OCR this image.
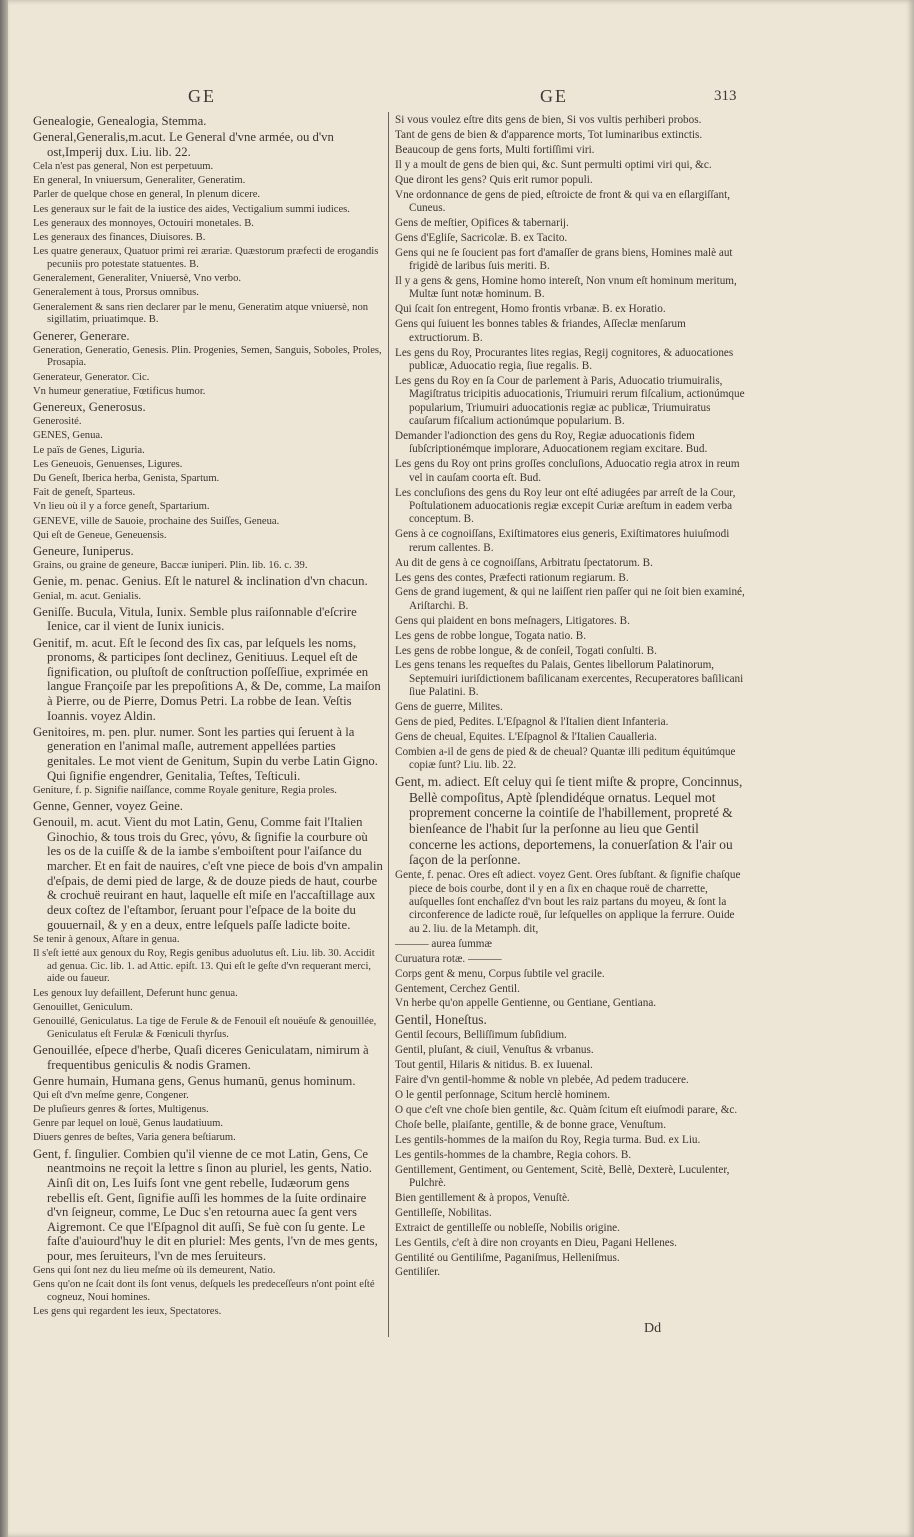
GE	GE	313

Genealogie, Genealogia, Stemma.

General,Generalis,m.acut. Le General d'vne armée, ou d'vn ost,Imperij dux. Liu. lib. 22.

Cela n'est pas general, Non est perpetuum.

En general, In vniuersum, Generaliter, Generatim.

Parler de quelque chose en general, In plenum dicere.

Les generaux sur le fait de la iustice des aides, Vectigalium summi iudices.

Les generaux des monnoyes, Octouiri monetales. B.

Les generaux des finances, Diuisores. B.

Les quatre generaux, Quatuor primi rei ærariæ. Quæstorum præfecti de erogandis pecuniis pro potestate statuentes. B.

Generalement, Generaliter, Vniuersè, Vno verbo.

Generalement à tous, Prorsus omnibus.

Generalement & sans rien declarer par le menu, Generatim atque vniuersè, non sigillatim, priuatimque. B.

Generer, Generare.

Generation, Generatio, Genesis. Plin. Progenies, Semen, Sanguis, Soboles, Proles, Prosapia.

Generateur, Generator. Cic.

Vn humeur generatiue, Fœtificus humor.

Genereux, Generosus.

Generosité.

GENES, Genua.

Le païs de Genes, Liguria.

Les Geneuois, Genuenses, Ligures.

Du Geneſt, Iberica herba, Genista, Spartum.

Fait de geneſt, Sparteus.

Vn lieu où il y a force geneſt, Spartarium.

GENEVE, ville de Sauoie, prochaine des Suiſſes, Geneua.

Qui eſt de Geneue, Geneuensis.

Geneure, Iuniperus.

Grains, ou graine de geneure, Baccæ iuniperi. Plin. lib. 16. c. 39.

Genie, m. penac. Genius. Eſt le naturel & inclination d'vn chacun.

Genial, m. acut. Genialis.

Geniſſe. Bucula, Vitula, Iunix. Semble plus raiſonnable d'eſcrire Ienice, car il vient de Iunix iunicis.

Genitif, m. acut. Eſt le ſecond des ſix cas, par leſquels les noms, pronoms, & participes ſont declinez, Genitiuus. Lequel eſt de ſignification, ou pluſtoſt de conſtruction poſſeſſiue, exprimée en langue Françoiſe par les prepoſitions A, & De, comme, La maiſon à Pierre, ou de Pierre, Domus Petri. La robbe de Iean. Veſtis Ioannis. voyez Aldin.

Genitoires, m. pen. plur. numer. Sont les parties qui ſeruent à la generation en l'animal maſle, autrement appellées parties genitales. Le mot vient de Genitum, Supin du verbe Latin Gigno. Qui ſignifie engendrer, Genitalia, Teſtes, Teſticuli.

Geniture, f. p. Signifie naiſſance, comme Royale geniture, Regia proles.

Genne, Genner, voyez Geine.

Genouil, m. acut. Vient du mot Latin, Genu, Comme fait l'Italien Ginochio, & tous trois du Grec, γόνυ, & ſignifie la courbure où les os de la cuiſſe & de la iambe s'emboiſtent pour l'aiſance du marcher. Et en fait de nauires, c'eſt vne piece de bois d'vn ampalin d'eſpais, de demi pied de large, & de douze pieds de haut, courbe & crochuë reuirant en haut, laquelle eſt miſe en l'accaſtillage aux deux coſtez de l'eſtambor, ſeruant pour l'eſpace de la boite du gouuernail, & y en a deux, entre leſquels paſſe ladicte boite.

Se tenir à genoux, Aſtare in genua.

Il s'eſt ietté aux genoux du Roy, Regis genibus aduolutus eſt. Liu. lib. 30. Accidit ad genua. Cic. lib. 1. ad Attic. epiſt. 13. Qui eſt le geſte d'vn requerant merci, aide ou faueur.

Les genoux luy defaillent, Deferunt hunc genua.

Genouillet, Geniculum.

Genouillé, Geniculatus. La tige de Ferule & de Fenouil eſt nouëuſe & genouillée, Geniculatus eſt Ferulæ & Fœniculi thyrſus.

Genouillée, eſpece d'herbe, Quaſi diceres Geniculatam, nimirum à frequentibus geniculis & nodis Gramen.

Genre humain, Humana gens, Genus humanū, genus hominum.

Qui eſt d'vn meſme genre, Congener.

De pluſieurs genres & ſortes, Multigenus.

Genre par lequel on louë, Genus laudatiuum.

Diuers genres de beſtes, Varia genera beſtiarum.

Gent, f. ſingulier. Combien qu'il vienne de ce mot Latin, Gens, Ce neantmoins ne reçoit la lettre s ſinon au pluriel, les gents, Natio. Ainſi dit on, Les Iuifs ſont vne gent rebelle, Iudæorum gens rebellis eſt. Gent, ſignifie auſſi les hommes de la ſuite ordinaire d'vn ſeigneur, comme, Le Duc s'en retourna auec ſa gent vers Aigremont. Ce que l'Eſpagnol dit auſſi, Se fuè con ſu gente. Le faſte d'auiourd'huy le dit en pluriel: Mes gents, l'vn de mes gents, pour, mes ſeruiteurs, l'vn de mes ſeruiteurs.

Gens qui ſont nez du lieu meſme où ils demeurent, Natio.

Gens qu'on ne ſcait dont ils ſont venus, deſquels les predeceſſeurs n'ont point eſté cogneuz, Noui homines.

Les gens qui regardent les ieux, Spectatores.

Si vous voulez eſtre dits gens de bien, Si vos vultis perhiberi probos.

Tant de gens de bien & d'apparence morts, Tot luminaribus extinctis.

Beaucoup de gens forts, Multi fortiſſimi viri.

Il y a moult de gens de bien qui, &c. Sunt permulti optimi viri qui, &c.

Que diront les gens? Quis erit rumor populi.

Vne ordonnance de gens de pied, eſtroicte de front & qui va en eſlargiſſant, Cuneus.

Gens de meſtier, Opifices & tabernarij.

Gens d'Egliſe, Sacricolæ. B. ex Tacito.

Gens qui ne ſe ſoucient pas fort d'amaſſer de grans biens, Homines malè aut frigidè de laribus ſuis meriti. B.

Il y a gens & gens, Homine homo intereſt, Non vnum eſt hominum meritum, Multæ ſunt notæ hominum. B.

Qui ſcait ſon entregent, Homo frontis vrbanæ. B. ex Horatio.

Gens qui ſuiuent les bonnes tables & friandes, Aſſeclæ menſarum extructiorum. B.

Les gens du Roy, Procurantes lites regias, Regij cognitores, & aduocationes publicæ, Aduocatio regia, ſiue regalis. B.

Les gens du Roy en ſa Cour de parlement à Paris, Aduocatio triumuiralis, Magiſtratus tricipitis aduocationis, Triumuiri rerum fiſcalium, actionúmque popularium, Triumuiri aduocationis regiæ ac publicæ, Triumuiratus cauſarum fiſcalium actionúmque popularium. B.

Demander l'adionction des gens du Roy, Regiæ aduocationis fidem ſubſcriptionémque implorare, Aduocationem regiam excitare. Bud.

Les gens du Roy ont prins groſſes concluſions, Aduocatio regia atrox in reum vel in cauſam coorta eſt. Bud.

Les concluſions des gens du Roy leur ont eſté adiugées par arreſt de la Cour, Poſtulationem aduocationis regiæ excepit Curiæ areſtum in eadem verba conceptum. B.

Gens à ce cognoiſſans, Exiſtimatores eius generis, Exiſtimatores huiuſmodi rerum callentes. B.

Au dit de gens à ce cognoiſſans, Arbitratu ſpectatorum. B.

Les gens des contes, Præfecti rationum regiarum. B.

Gens de grand iugement, & qui ne laiſſent rien paſſer qui ne ſoit bien examiné, Ariſtarchi. B.

Gens qui plaident en bons meſnagers, Litigatores. B.

Les gens de robbe longue, Togata natio. B.

Les gens de robbe longue, & de conſeil, Togati conſulti. B.

Les gens tenans les requeſtes du Palais, Gentes libellorum Palatinorum, Septemuiri iuriſdictionem baſilicanam exercentes, Recuperatores baſilicani ſiue Palatini. B.

Gens de guerre, Milites.

Gens de pied, Pedites. L'Eſpagnol & l'Italien dient Infanteria.

Gens de cheual, Equites. L'Eſpagnol & l'Italien Caualleria.

Combien a-il de gens de pied & de cheual? Quantæ illi peditum équitúmque copiæ ſunt? Liu. lib. 22.

Gent, m. adiect. Eſt celuy qui ſe tient miſte & propre, Concinnus, Bellè compoſitus, Aptè ſplendidéque ornatus. Lequel mot proprement concerne la cointiſe de l'habillement, propreté & bienſeance de l'habit ſur la perſonne au lieu que Gentil concerne les actions, deportemens, la conuerſation & l'air ou ſaçon de la perſonne.

Gente, f. penac. Ores eſt adiect. voyez Gent. Ores ſubſtant. & ſignifie chaſque piece de bois courbe, dont il y en a ſix en chaque rouë de charrette, auſquelles ſont enchaſſez d'vn bout les raiz partans du moyeu, & ſont la circonference de ladicte rouë, ſur leſquelles on applique la ferrure. Ouide au 2. liu. de la Metamph. dit,

——— aurea ſummæ

Curuatura rotæ. ———

Corps gent & menu, Corpus ſubtile vel gracile.

Gentement, Cerchez Gentil.

Vn herbe qu'on appelle Gentienne, ou Gentiane, Gentiana.

Gentil, Honeſtus.

Gentil ſecours, Belliſſimum ſubſidium.

Gentil, pluſant, & ciuil, Venuſtus & vrbanus.

Tout gentil, Hilaris & nitidus. B. ex Iuuenal.

Faire d'vn gentil-homme & noble vn plebée, Ad pedem traducere.

O le gentil perſonnage, Scitum herclè hominem.

O que c'eſt vne choſe bien gentile, &c. Quàm ſcitum eſt eiuſmodi parare, &c.

Choſe belle, plaiſante, gentille, & de bonne grace, Venuſtum.

Les gentils-hommes de la maiſon du Roy, Regia turma. Bud. ex Liu.

Les gentils-hommes de la chambre, Regia cohors. B.

Gentillement, Gentiment, ou Gentement, Scitè, Bellè, Dexterè, Luculenter, Pulchrè.

Bien gentillement & à propos, Venuſtè.

Gentilleſſe, Nobilitas.

Extraict de gentilleſſe ou nobleſſe, Nobilis origine.

Les Gentils, c'eſt à dire non croyants en Dieu, Pagani Hellenes.

Gentilité ou Gentiliſme, Paganiſmus, Helleniſmus.

Gentiliſer.

Dd
